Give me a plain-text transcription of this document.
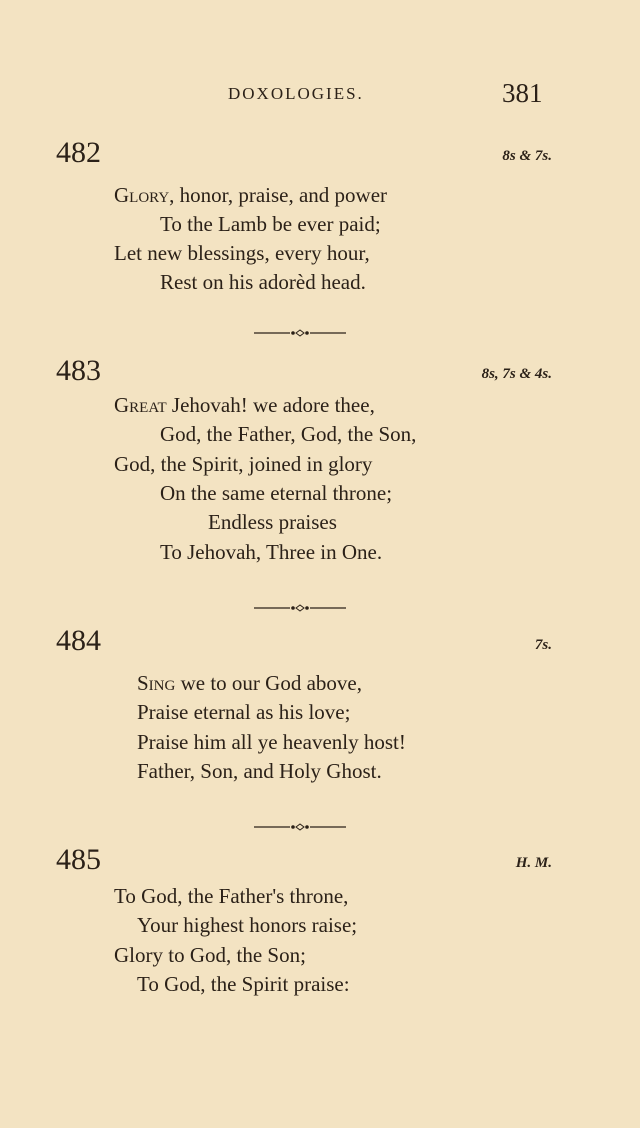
DOXOLOGIES.	381
482	8s & 7s.
Glory, honor, praise, and power
To the Lamb be ever paid;
Let new blessings, every hour,
Rest on his adorèd head.
483	8s, 7s & 4s.
Great Jehovah! we adore thee,
God, the Father, God, the Son,
God, the Spirit, joined in glory
On the same eternal throne;
Endless praises
To Jehovah, Three in One.
484	7s.
Sing we to our God above,
Praise eternal as his love;
Praise him all ye heavenly host!
Father, Son, and Holy Ghost.
485	H. M.
To God, the Father's throne,
Your highest honors raise;
Glory to God, the Son;
To God, the Spirit praise:
